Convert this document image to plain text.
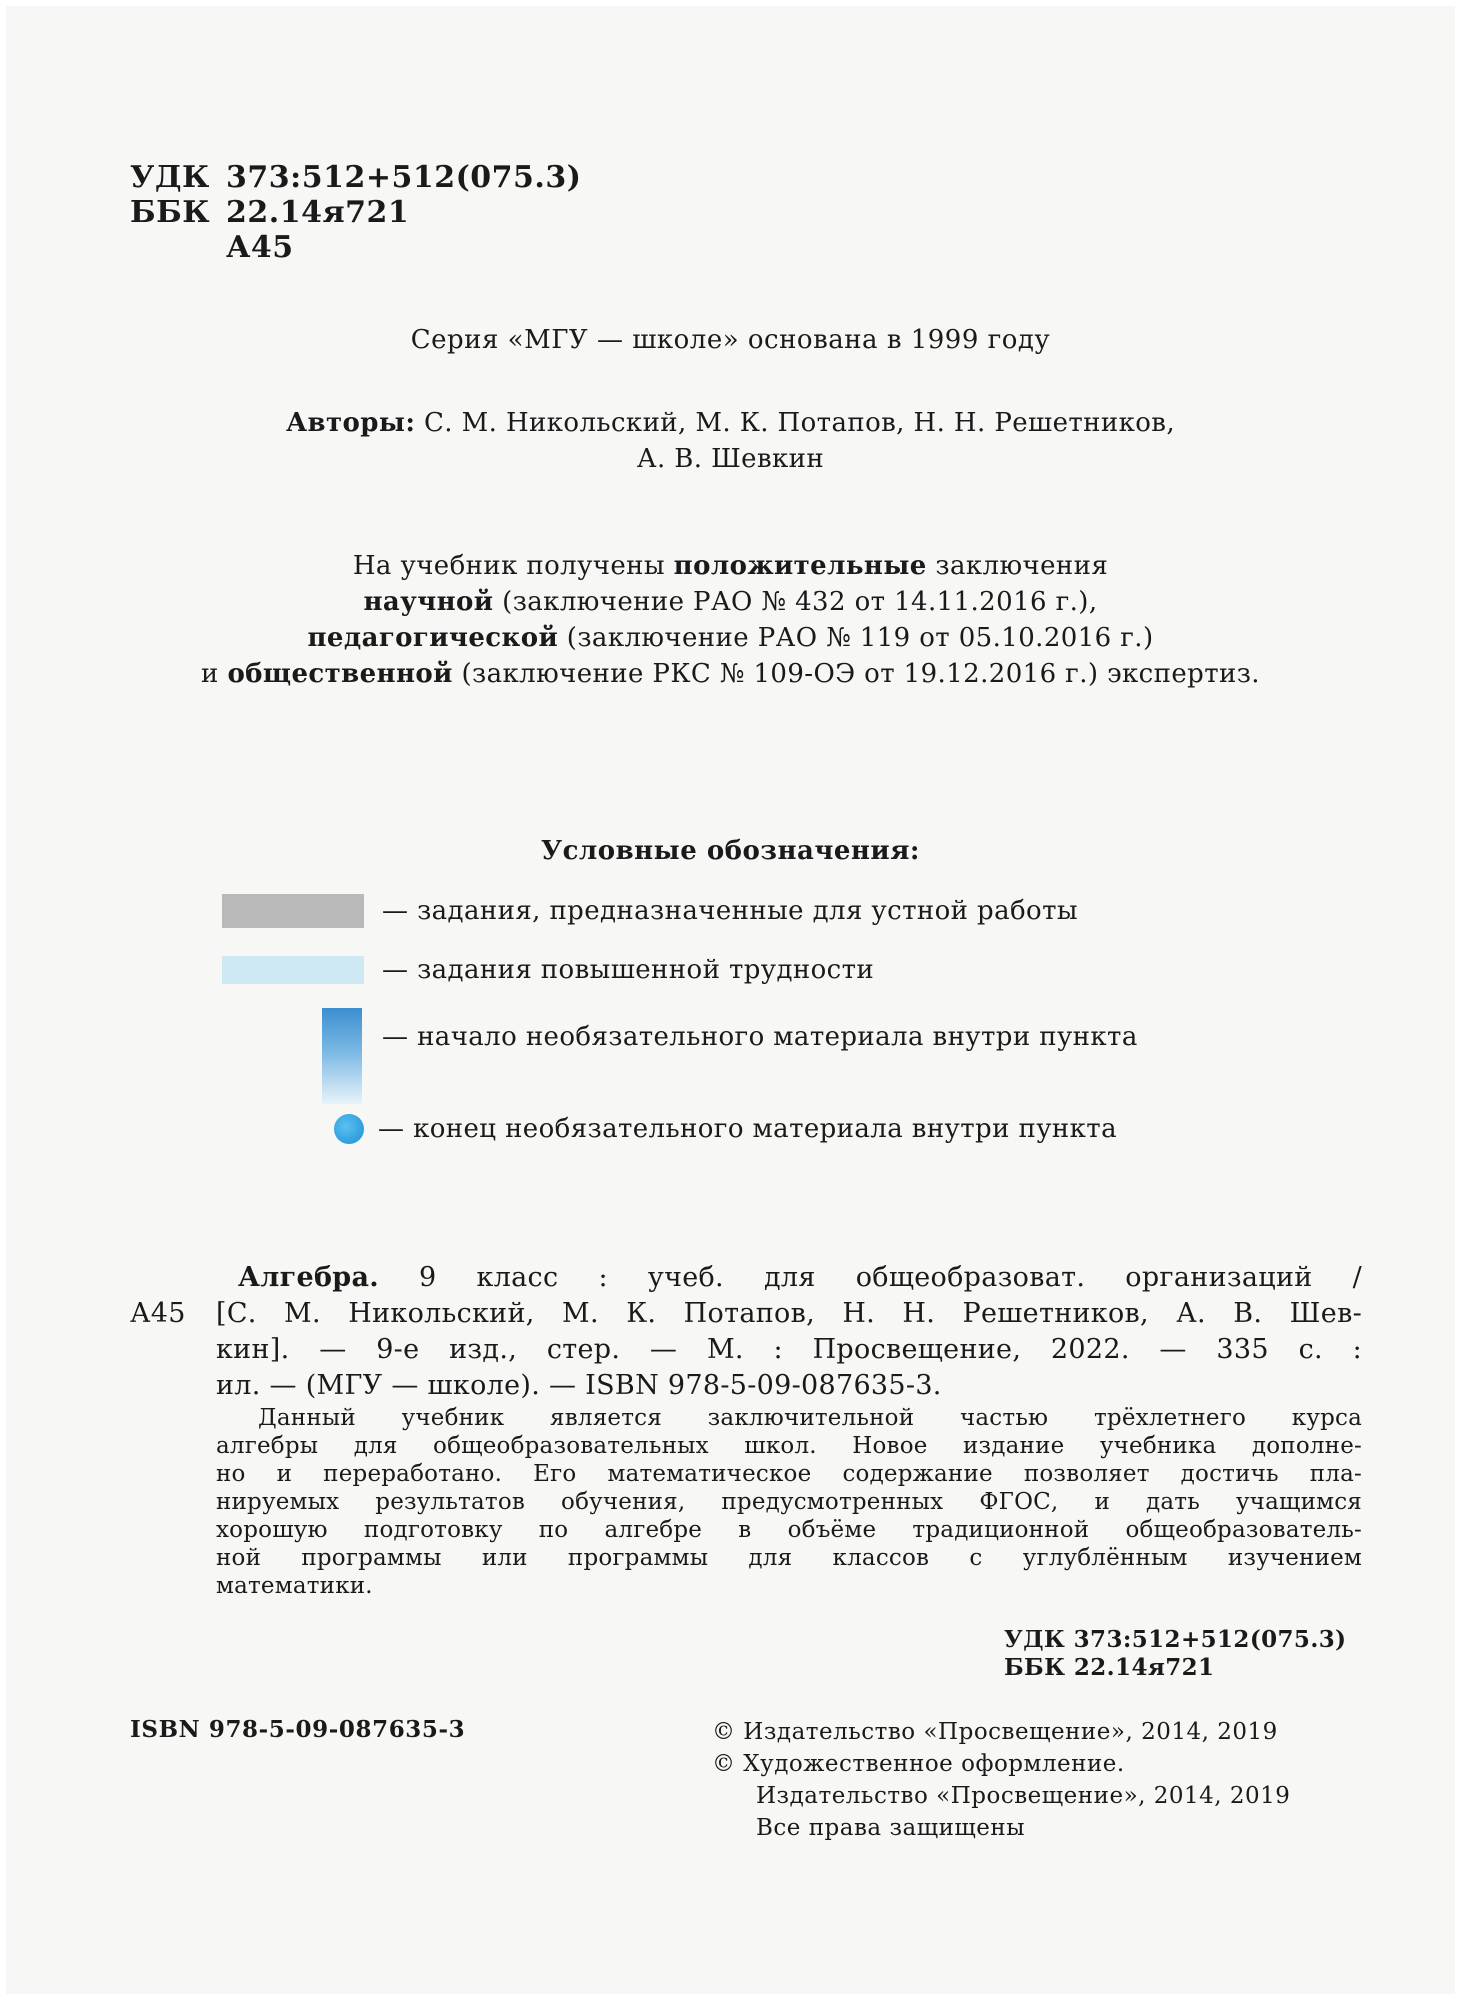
УДК 373:512+512(075.3)
ББК 22.14я721
А45
Серия «МГУ — школе» основана в 1999 году
Авторы: С. М. Никольский, М. К. Потапов, Н. Н. Решетников,
А. В. Шевкин
На учебник получены положительные заключения
научной (заключение РАО № 432 от 14.11.2016 г.),
педагогической (заключение РАО № 119 от 05.10.2016 г.)
и общественной (заключение РКС № 109-ОЭ от 19.12.2016 г.) экспертиз.
Условные обозначения:
— задания, предназначенные для устной работы
— задания повышенной трудности
— начало необязательного материала внутри пункта
— конец необязательного материала внутри пункта
Алгебра. 9 класс : учеб. для общеобразоват. организаций /
А45	[С. М. Никольский, М. К. Потапов, Н. Н. Решетников, А. В. Шев-
кин]. — 9-е изд., стер. — М. : Просвещение, 2022. — 335 с. :
ил. — (МГУ — школе). — ISBN 978-5-09-087635-3.
Данный учебник является заключительной частью трёхлетнего курса
алгебры для общеобразовательных школ. Новое издание учебника дополне-
но и переработано. Его математическое содержание позволяет достичь пла-
нируемых результатов обучения, предусмотренных ФГОС, и дать учащимся
хорошую подготовку по алгебре в объёме традиционной общеобразователь-
ной программы или программы для классов с углублённым изучением
математики.
УДК 373:512+512(075.3)
ББК 22.14я721
ISBN 978-5-09-087635-3	© Издательство «Просвещение», 2014, 2019
© Художественное оформление.
Издательство «Просвещение», 2014, 2019
Все права защищены
